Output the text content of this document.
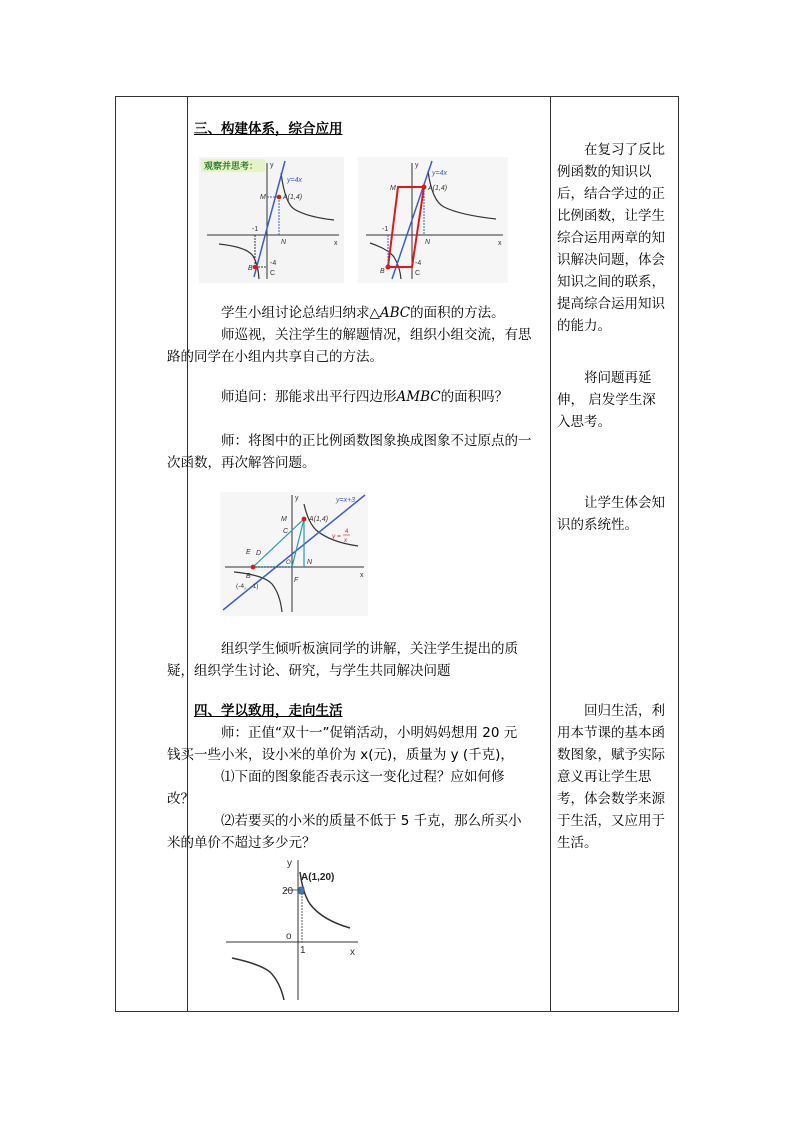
三、构建体系，综合应用
观察并思考：
x
y
y=4x
A(1,4)
M
N
-1
B
-4
C
x
y
y=4x
A(1,4)
M
N
-1
B
-4
C
学生小组讨论总结归纳求△ABC的面积的方法。
师巡视，关注学生的解题情况，组织小组交流，有思
路的同学在小组内共享自己的方法。
师追问：那能求出平行四边形AMBC的面积吗？
师：将图中的正比例函数图象换成图象不过原点的一
次函数，再次解答问题。
x
y	y=x+3
A(1,4)
y =
4
x
M
C
E D
O N
F
B
(-4，-1)
组织学生倾听板演同学的讲解，关注学生提出的质
疑，组织学生讨论、研究，与学生共同解决问题
四、学以致用，走向生活
师：正值“双十一”促销活动，小明妈妈想用 20 元
钱买一些小米，设小米的单价为 x(元)，质量为 y (千克)，
⑴下面的图象能否表示这一变化过程？应如何修
改？
⑵若要买的小米的质量不低于 5 千克，那么所买小
米的单价不超过多少元？
x
y
A(1,20)
20
o
1
在复习了反比
例函数的知识以
后，结合学过的正
比例函数，让学生
综合运用两章的知
识解决问题，体会
知识之间的联系，
提高综合运用知识
的能力。
将问题再延
伸， 启发学生深
入思考。
让学生体会知
识的系统性。
回归生活，利
用本节课的基本函
数图象，赋予实际
意义再让学生思
考，体会数学来源
于生活，又应用于
生活。
